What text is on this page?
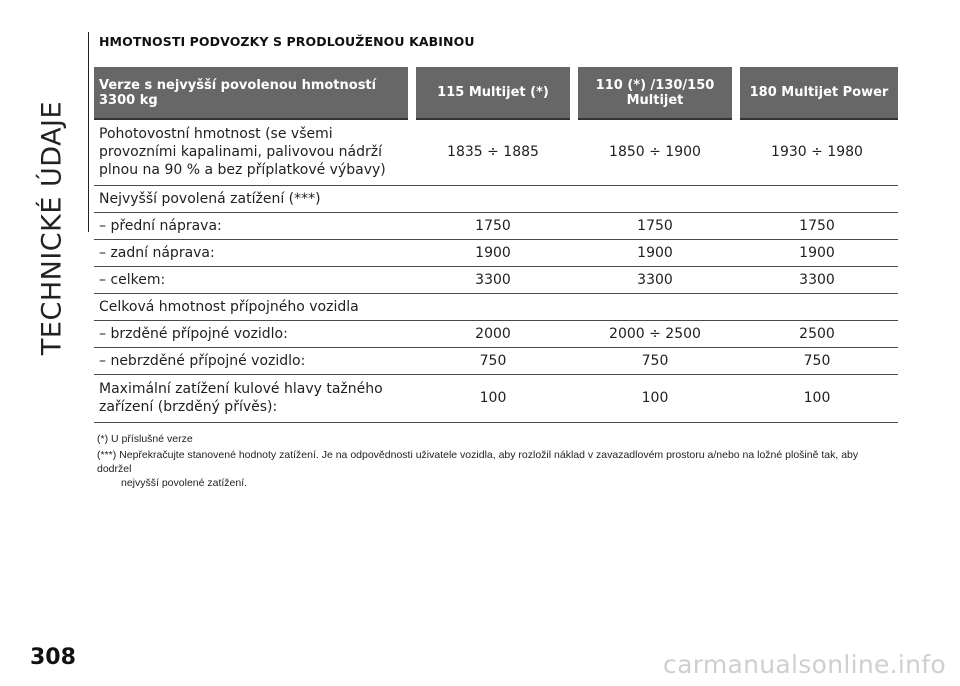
TECHNICKÉ ÚDAJE
HMOTNOSTI PODVOZKY S PRODLOUŽENOU KABINOU
Verze s nejvyšší povolenou hmotností 3300 kg	115 Multijet (*)	110 (*) /130/150 Multijet	180 Multijet Power
Pohotovostní hmotnost (se všemi provozními kapalinami, palivovou nádrží plnou na 90 % a bez příplatkové výbavy)	1835 ÷ 1885	1850 ÷ 1900	1930 ÷ 1980
Nejvyšší povolená zatížení (***)			
– přední náprava:	1750	1750	1750
– zadní náprava:	1900	1900	1900
– celkem:	3300	3300	3300
Celková hmotnost přípojného vozidla			
– brzděné přípojné vozidlo:	2000	2000 ÷ 2500	2500
– nebrzděné přípojné vozidlo:	750	750	750
Maximální zatížení kulové hlavy tažného zařízení (brzděný přívěs):	100	100	100

(*) U příslušné verze

(***) Nepřekračujte stanovené hodnoty zatížení. Je na odpovědnosti uživatele vozidla, aby rozložil náklad v zavazadlovém prostoru a/nebo na ložné plošině tak, aby dodržel
nejvyšší povolené zatížení.

308	carmanualsonline.info
